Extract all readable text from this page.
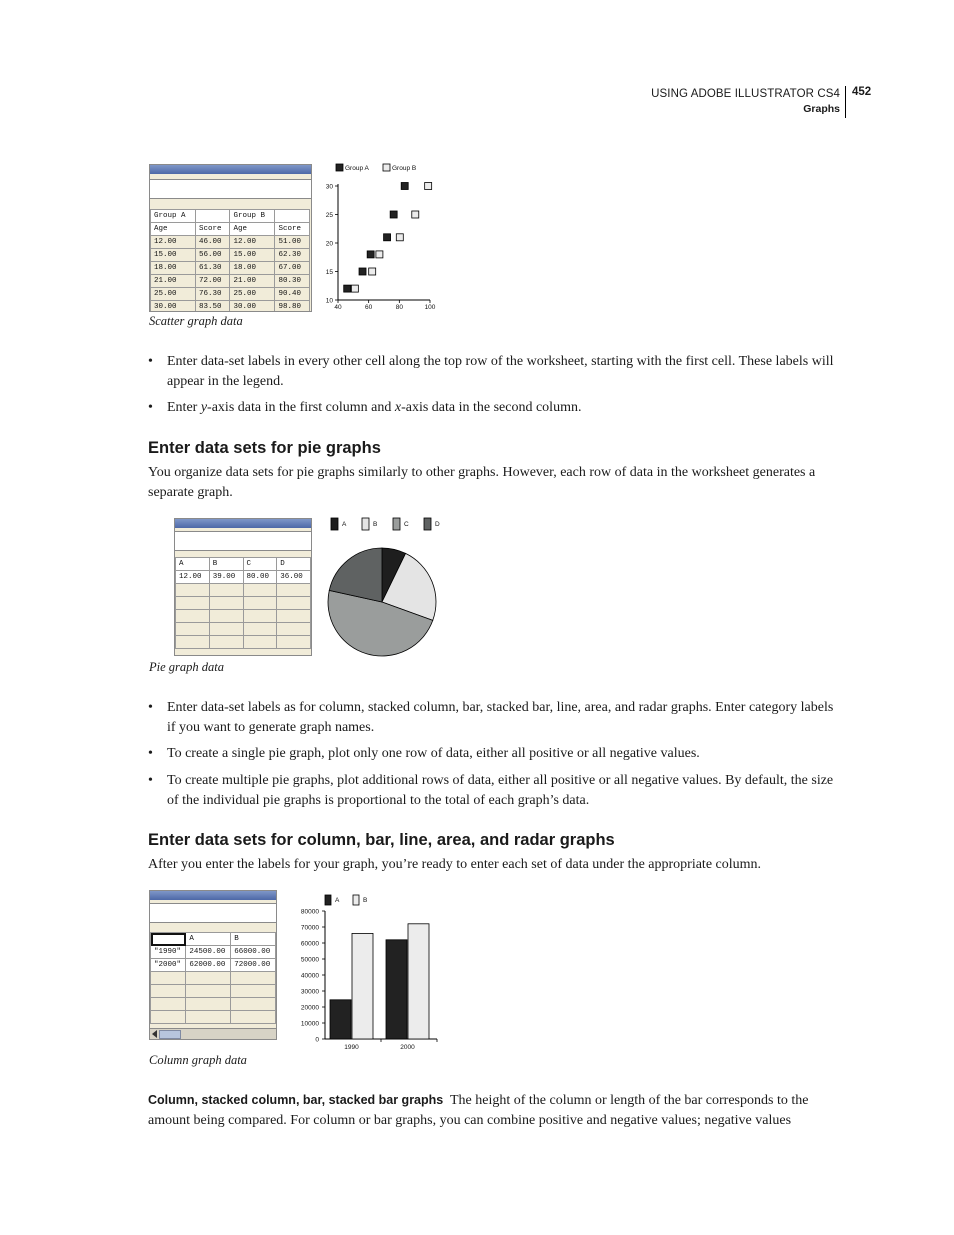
USING ADOBE ILLUSTRATOR CS4
Graphs
452
Group A		Group B	
Age	Score	Age	Score
12.00	46.00	12.00	51.00
15.00	56.00	15.00	62.30
18.00	61.30	18.00	67.00
21.00	72.00	21.00	80.30
25.00	76.30	25.00	90.40
30.00	83.50	30.00	98.80
Group A	Group B
10
15
20
25
30
40	60	80	100
Scatter graph data
•	Enter data-set labels in every other cell along the top row of the worksheet, starting with the first cell. These labels will appear in the legend.
•	Enter y-axis data in the first column and x-axis data in the second column.
Enter data sets for pie graphs
You organize data sets for pie graphs similarly to other graphs. However, each row of data in the worksheet generates a separate graph.
A	B	C	D
12.00	39.00	80.00	36.00

A	B	C	D
Pie graph data
•	Enter data-set labels as for column, stacked column, bar, stacked bar, line, area, and radar graphs. Enter category labels if you want to generate graph names.
•	To create a single pie graph, plot only one row of data, either all positive or all negative values.
•	To create multiple pie graphs, plot additional rows of data, either all positive or all negative values. By default, the size of the individual pie graphs is proportional to the total of each graph’s data.
Enter data sets for column, bar, line, area, and radar graphs
After you enter the labels for your graph, you’re ready to enter each set of data under the appropriate column.
	A	B
"1990"	24500.00	66000.00
"2000"	62000.00	72000.00

A	B
0
10000
20000
30000
40000
50000
60000
70000
80000
1990	2000
Column graph data
Column, stacked column, bar, stacked bar graphs The height of the column or length of the bar corresponds to the amount being compared. For column or bar graphs, you can combine positive and negative values; negative values
